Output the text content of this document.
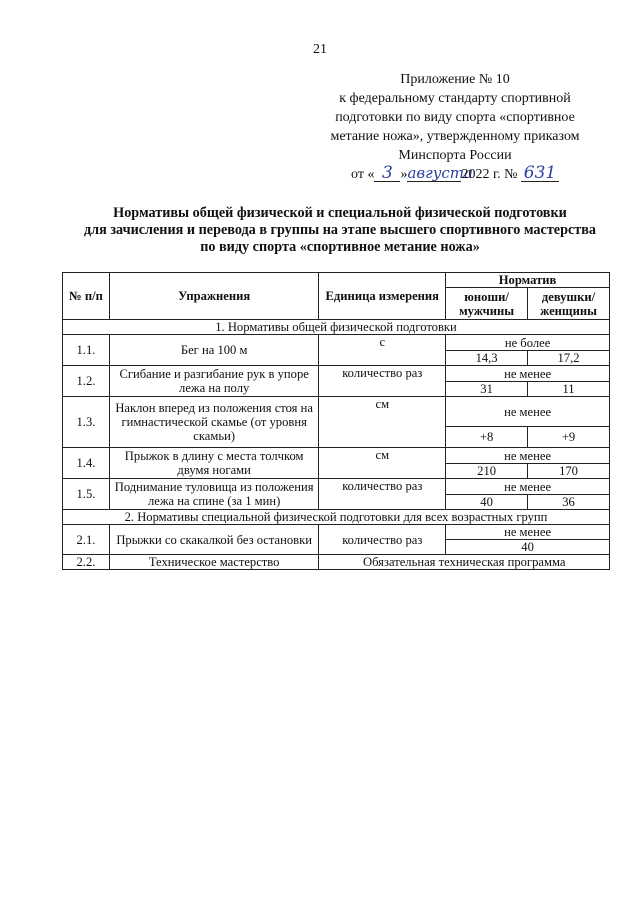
21
Приложение № 10
к федеральному стандарту спортивной
подготовки по виду спорта «спортивное
метание ножа», утвержденному приказом
Минспорта России
от « 3 »августа2022 г. № 631
Нормативы общей физической и специальной физической подготовки
для зачисления и перевода в группы на этапе высшего спортивного мастерства
по виду спорта «спортивное метание ножа»
№ п/п	Упражнения	Единица измерения	Норматив	
			юноши/ мужчины	девушки/ женщины
1. Нормативы общей физической подготовки				
1.1.	Бег на 100 м	с	не более	
			14,3	17,2
1.2.	Сгибание и разгибание рук в упоре лежа на полу	количество раз	не менее	
			31	11
1.3.	Наклон вперед из положения стоя на гимнастической скамье (от уровня скамьи)	см	не менее	
			+8	+9
1.4.	Прыжок в длину с места толчком двумя ногами	см	не менее	
			210	170
1.5.	Поднимание туловища из положения лежа на спине (за 1 мин)	количество раз	не менее	
			40	36
2. Нормативы специальной физической подготовки для всех возрастных групп				
2.1.	Прыжки со скакалкой без остановки	количество раз	не менее	
			40	
2.2.	Техническое мастерство	Обязательная техническая программа		
